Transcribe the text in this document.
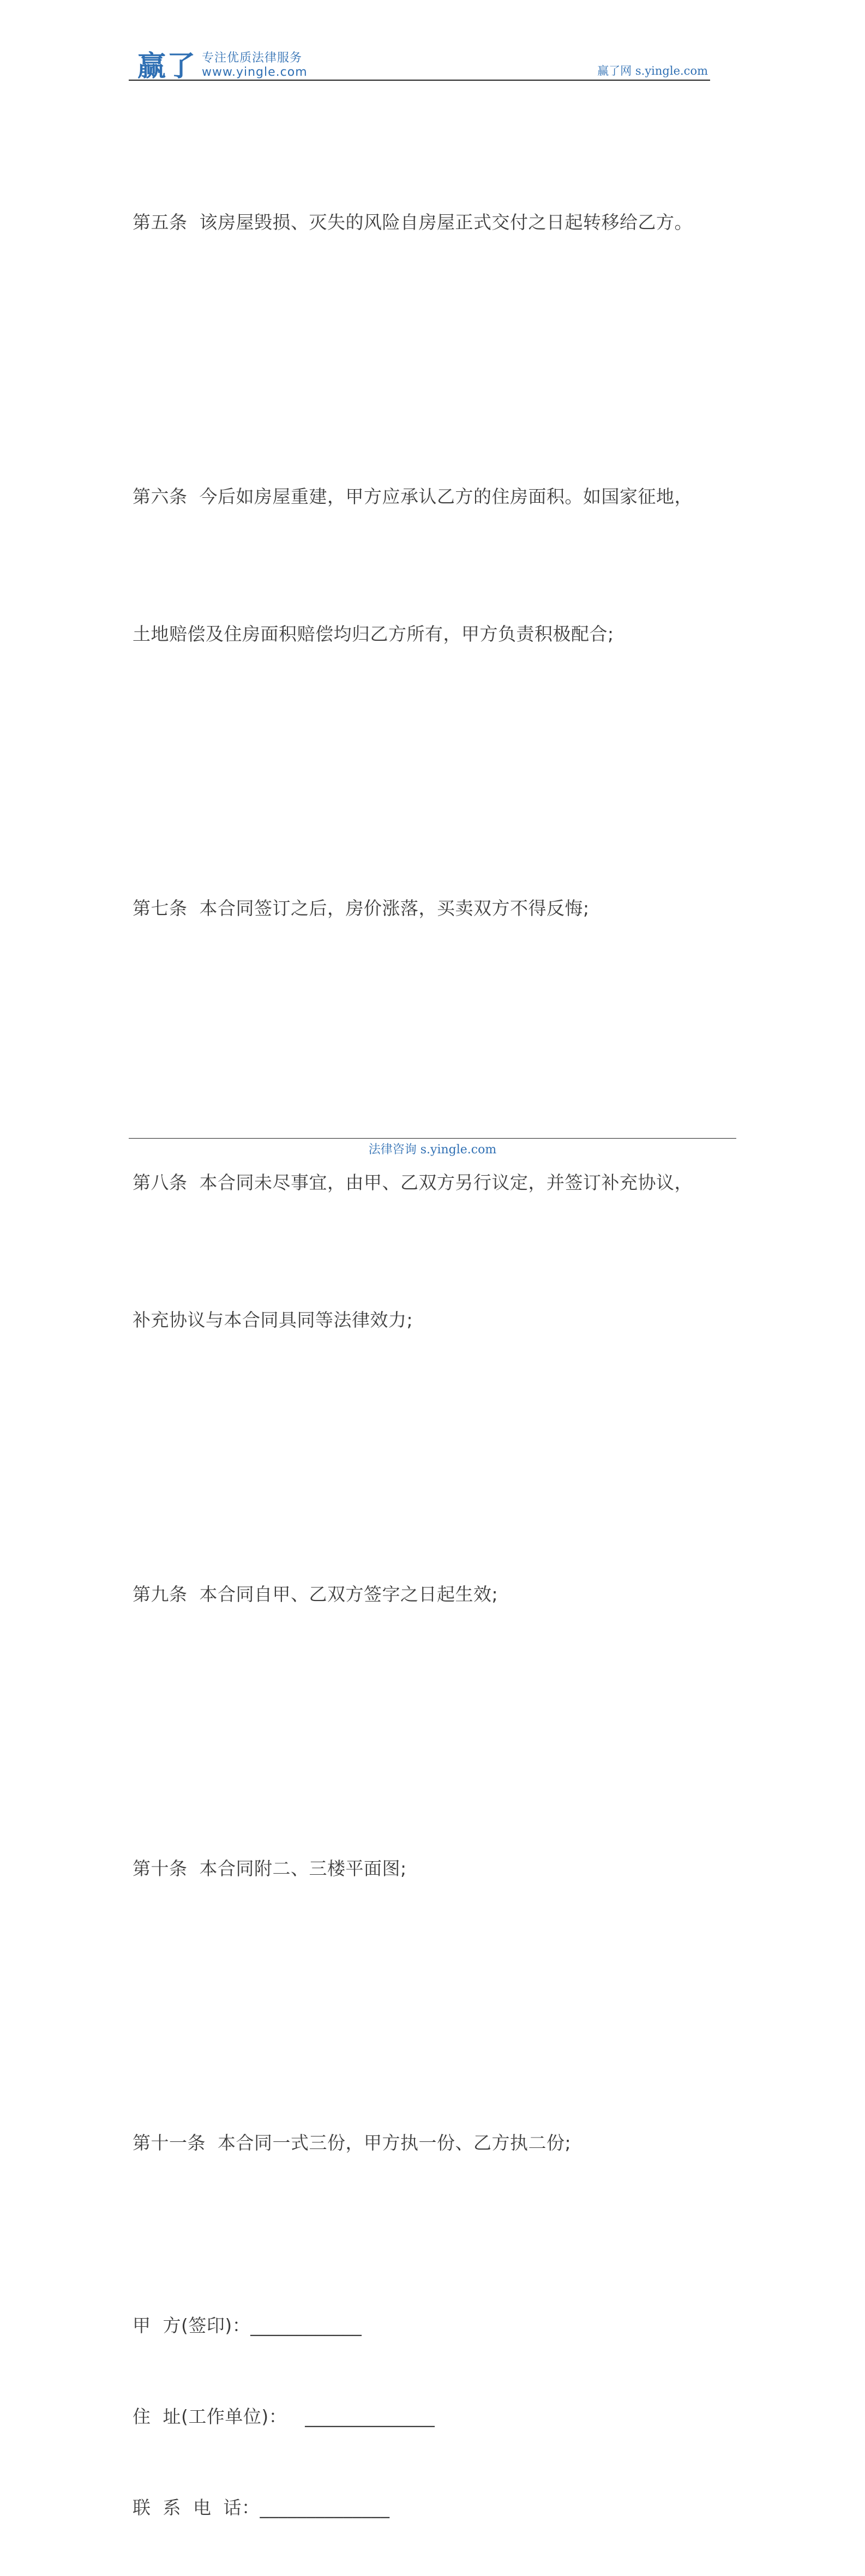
赢了 专注优质法律服务
www.yingle.com	赢了网 s.yingle.com

第五条  该房屋毁损、灭失的风险自房屋正式交付之日起转移给乙方。

第六条  今后如房屋重建，甲方应承认乙方的住房面积。如国家征地，

土地赔偿及住房面积赔偿均归乙方所有，甲方负责积极配合;

第七条  本合同签订之后，房价涨落，买卖双方不得反悔;

第八条  本合同未尽事宜，由甲、乙双方另行议定，并签订补充协议，

补充协议与本合同具同等法律效力;

第九条  本合同自甲、乙双方签字之日起生效;

第十条  本合同附二、三楼平面图;

第十一条  本合同一式三份，甲方执一份、乙方执二份;

甲  方(签印)：____________
住  址(工作单位)：   ______________
联  系  电  话：______________
法律咨询 s.yingle.com
